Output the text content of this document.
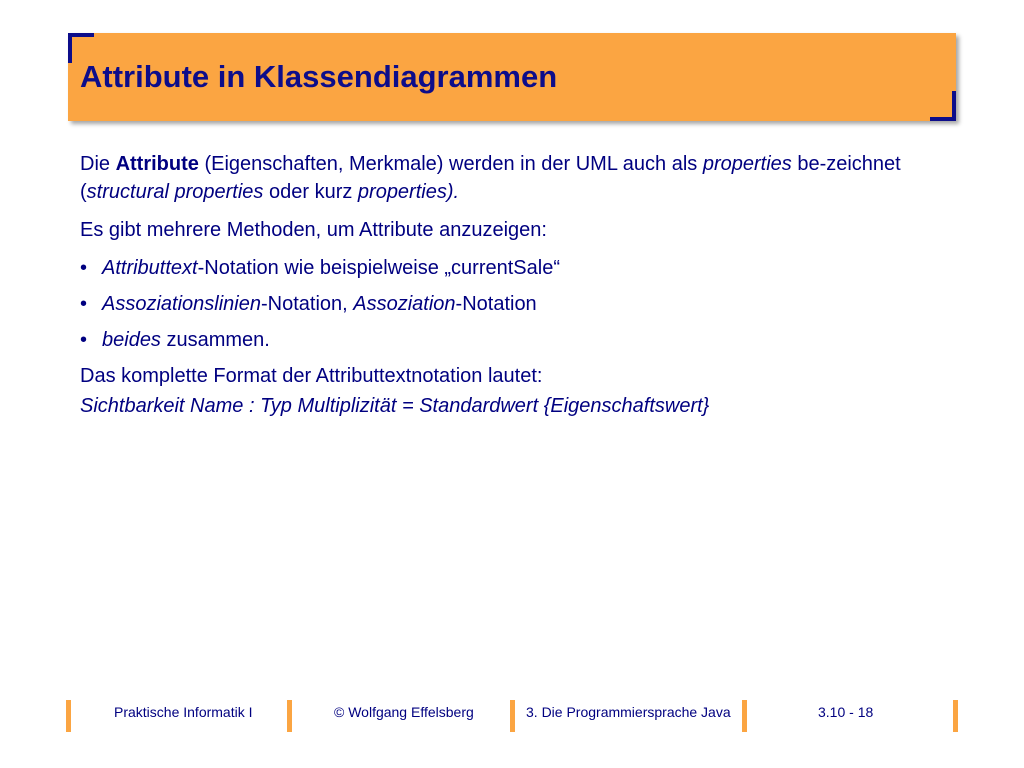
Attribute in Klassendiagrammen

Die Attribute (Eigenschaften, Merkmale) werden in der UML auch als properties be-zeichnet (structural properties oder kurz properties).

Es gibt mehrere Methoden, um Attribute anzuzeigen:

• Attributtext-Notation wie beispielweise „currentSale“
• Assoziationslinien-Notation, Assoziation-Notation
• beides zusammen.

Das komplette Format der Attributtextnotation lautet:

Sichtbarkeit Name : Typ Multiplizität = Standardwert {Eigenschaftswert}
Praktische Informatik I	© Wolfgang Effelsberg	3. Die Programmiersprache Java	3.10 - 18
